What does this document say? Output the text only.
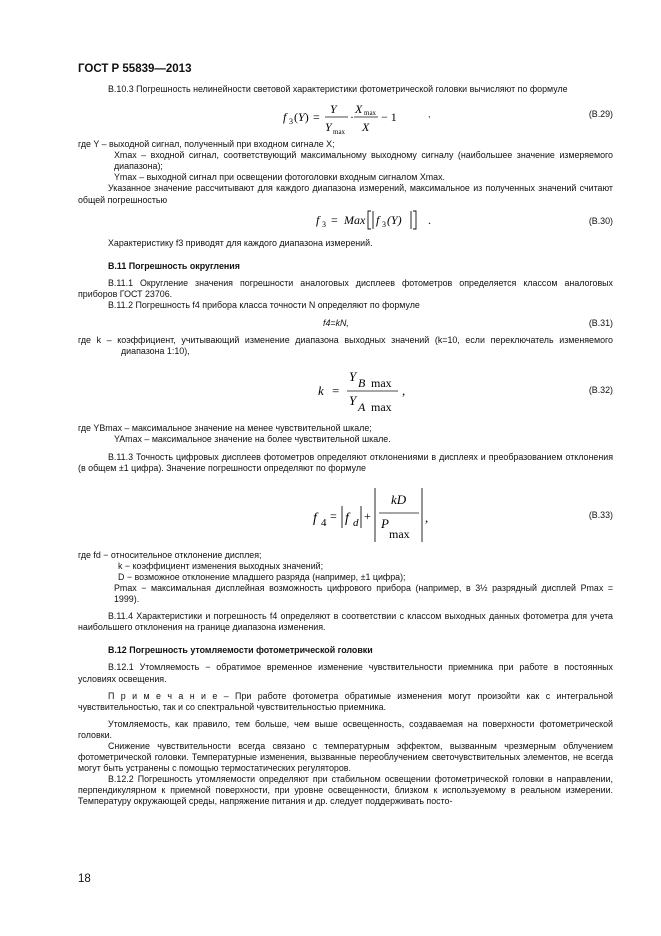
ГОСТ Р 55839—2013

В.10.3 Погрешность нелинейности световой характеристики фотометрической головки вычисляют по формуле

f 3 (Y) =
Y
Y max
·
X max
X
− 1	,	(В.29)

где Y – выходной сигнал, полученный при входном сигнале X;

Xmax – входной сигнал, соответствующий максимальному выходному сигналу (наибольшее значение измеряемого диапазона);

Ymax – выходной сигнал при освещении фотоголовки входным сигналом Xmax.

Указанное значение рассчитывают для каждого диапазона измерений, максимальное из полученных значений считают общей погрешностью

f 3 = Max f 3 (Y) .	(В.30)

Характеристику f3 приводят для каждого диапазона измерений.

В.11 Погрешность округления

В.11.1 Округление значения погрешности аналоговых дисплеев фотометров определяется классом аналоговых приборов ГОСТ 23706.

В.11.2 Погрешность f4 прибора класса точности N определяют по формуле

f4=kN,	(В.31)

где k – коэффициент, учитывающий изменение диапазона выходных значений (k=10, если переключатель изменяемого диапазона 1:10),

k =
Y B max
Y A max
,	(В.32)

где YBmax – максимальное значение на менее чувствительной шкале;

YAmax – максимальное значение на более чувствительной шкале.

В.11.3 Точность цифровых дисплеев фотометров определяют отклонениями в дисплеях и преобразованием отклонения (в общем ±1 цифра). Значение погрешности определяют по формуле

f 4 = f d +
kD
P
max
,	(В.33)

где fd − относительное отклонение дисплея;

k − коэффициент изменения выходных значений;

D − возможное отклонение младшего разряда (например, ±1 цифра);

Pmax − максимальная дисплейная возможность цифрового прибора (например, в 3½ разрядный дисплей Pmax = 1999).

В.11.4 Характеристики и погрешность f4 определяют в соответствии с классом выходных данных фотометра для учета наибольшего отклонения на границе диапазона изменения.

В.12 Погрешность утомляемости фотометрической головки

В.12.1 Утомляемость − обратимое временное изменение чувствительности приемника при работе в постоянных условиях освещения.

П р и м е ч а н и е – При работе фотометра обратимые изменения могут произойти как с интегральной чувствительностью, так и со спектральной чувствительностью приемника.

Утомляемость, как правило, тем больше, чем выше освещенность, создаваемая на поверхности фотометрической головки.

Снижение чувствительности всегда связано с температурным эффектом, вызванным чрезмерным облучением фотометрической головки. Температурные изменения, вызванные переоблучением светочувствительных элементов, не всегда могут быть устранены с помощью термостатических регуляторов.

В.12.2 Погрешность утомляемости определяют при стабильном освещении фотометрической головки в направлении, перпендикулярном к приемной поверхности, при уровне освещенности, близком к используемому в реальном измерении. Температуру окружающей среды, напряжение питания и др. следует поддерживать посто-

18
